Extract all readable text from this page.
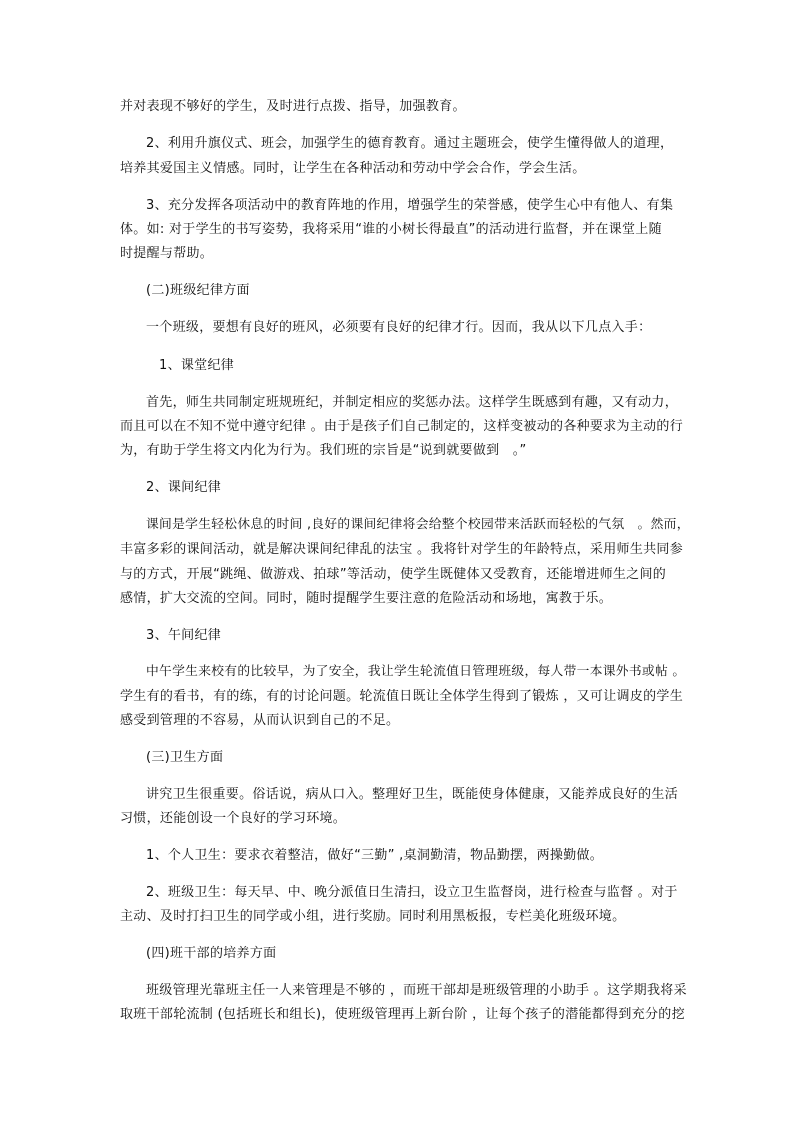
并对表现不够好的学生，及时进行点拨、指导，加强教育。
2、利用升旗仪式、班会，加强学生的德育教育。通过主题班会，使学生懂得做人的道理，
培养其爱国主义情感。同时，让学生在各种活动和劳动中学会合作，学会生活。
3、充分发挥各项活动中的教育阵地的作用，增强学生的荣誉感，使学生心中有他人、有集
体。如: 对于学生的书写姿势，我将采用“谁的小树长得最直”的活动进行监督，并在课堂上随
时提醒与帮助。
(二)班级纪律方面
一个班级，要想有良好的班风，必须要有良好的纪律才行。因而，我从以下几点入手：
1、课堂纪律
首先，师生共同制定班规班纪，并制定相应的奖惩办法。这样学生既感到有趣，又有动力，
而且可以在不知不觉中遵守纪律 。由于是孩子们自己制定的，这样变被动的各种要求为主动的行
为，有助于学生将文内化为行为。我们班的宗旨是“说到就要做到　。”
2、课间纪律
课间是学生轻松休息的时间 ,良好的课间纪律将会给整个校园带来活跃而轻松的气氛　。然而，
丰富多彩的课间活动，就是解决课间纪律乱的法宝 。我将针对学生的年龄特点，采用师生共同参
与的方式，开展“跳绳、做游戏、拍球”等活动，使学生既健体又受教育，还能增进师生之间的
感情，扩大交流的空间。同时，随时提醒学生要注意的危险活动和场地，寓教于乐。
3、午间纪律
中午学生来校有的比较早，为了安全，我让学生轮流值日管理班级，每人带一本课外书或帖 。
学生有的看书，有的练，有的讨论问题。轮流值日既让全体学生得到了锻炼 ，又可让调皮的学生
感受到管理的不容易，从而认识到自己的不足。
(三)卫生方面
讲究卫生很重要。俗话说，病从口入。整理好卫生，既能使身体健康，又能养成良好的生活
习惯，还能创设一个良好的学习环境。
1、个人卫生：要求衣着整洁，做好“三勤” ,桌洞勤清，物品勤摆，两操勤做。
2、班级卫生：每天早、中、晚分派值日生清扫，设立卫生监督岗，进行检查与监督 。对于
主动、及时打扫卫生的同学或小组，进行奖励。同时利用黑板报，专栏美化班级环境。
(四)班干部的培养方面
班级管理光靠班主任一人来管理是不够的 ，而班干部却是班级管理的小助手 。这学期我将采
取班干部轮流制 (包括班长和组长)，使班级管理再上新台阶 ，让每个孩子的潜能都得到充分的挖
